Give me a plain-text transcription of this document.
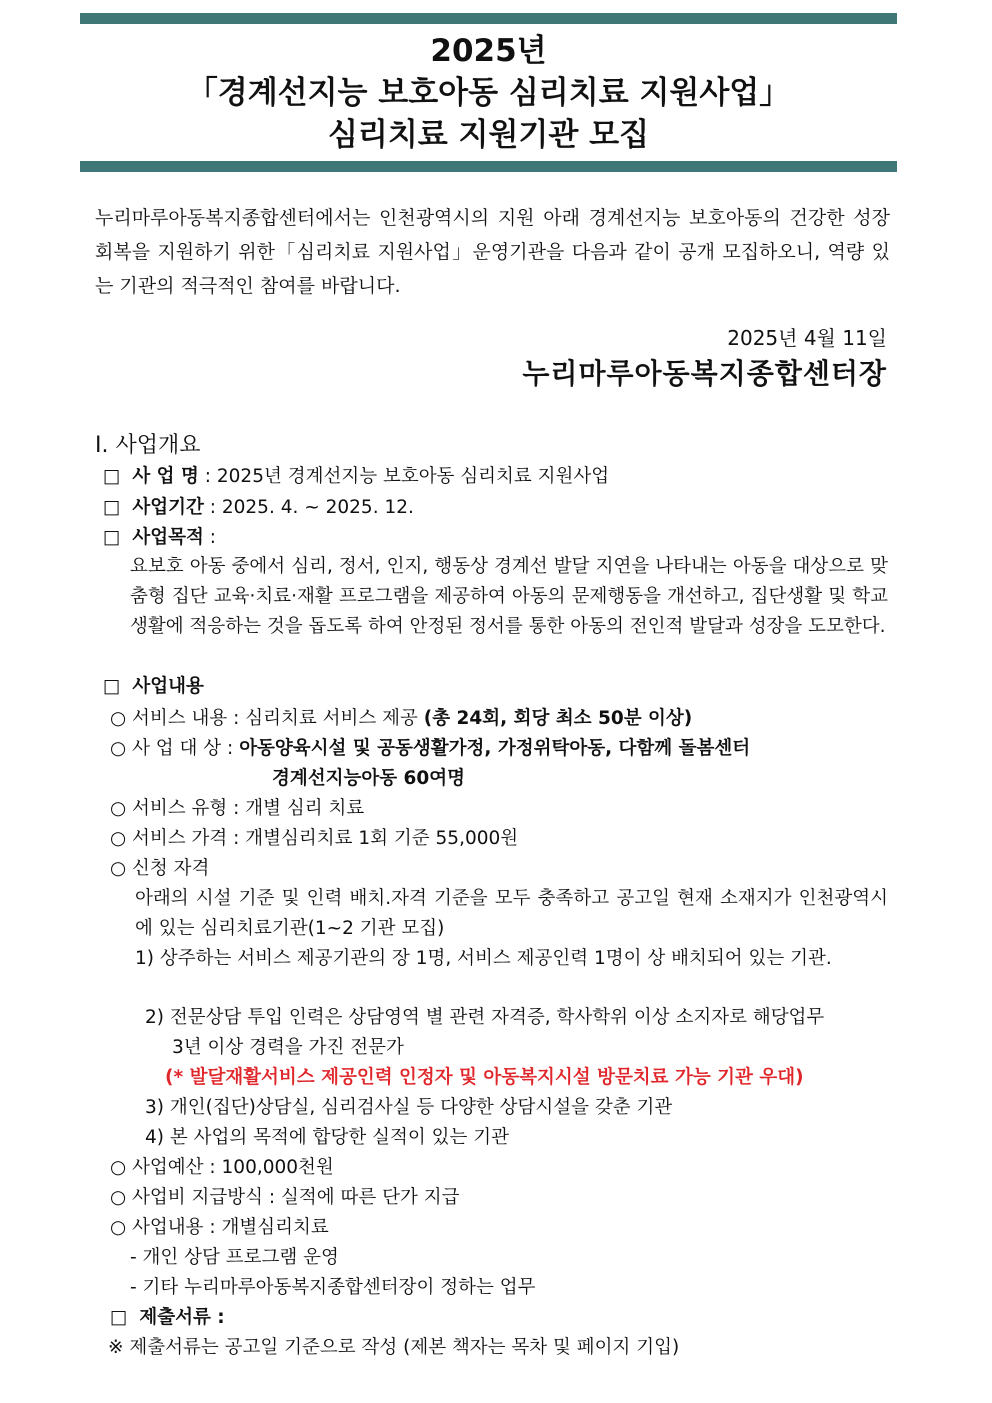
2025년
「경계선지능 보호아동 심리치료 지원사업」
심리치료 지원기관 모집
누리마루아동복지종합센터에서는 인천광역시의 지원 아래 경계선지능 보호아동의 건강한 성장 회복을 지원하기 위한「심리치료 지원사업」운영기관을 다음과 같이 공개 모집하오니, 역량 있는 기관의 적극적인 참여를 바랍니다.
2025년 4월 11일
누리마루아동복지종합센터장
Ⅰ. 사업개요
□ 사 업 명 : 2025년 경계선지능 보호아동 심리치료 지원사업
□ 사업기간 : 2025. 4. ~ 2025. 12.
□ 사업목적 :
요보호 아동 중에서 심리, 정서, 인지, 행동상 경계선 발달 지연을 나타내는 아동을 대상으로 맞춤형 집단 교육·치료·재활 프로그램을 제공하여 아동의 문제행동을 개선하고, 집단생활 및 학교 생활에 적응하는 것을 돕도록 하여 안정된 정서를 통한 아동의 전인적 발달과 성장을 도모한다.
□ 사업내용
○ 서비스 내용 : 심리치료 서비스 제공 (총 24회, 회당 최소 50분 이상)
○ 사 업 대 상 : 아동양육시설 및 공동생활가정, 가정위탁아동, 다함께 돌봄센터
경계선지능아동 60여명
○ 서비스 유형 : 개별 심리 치료
○ 서비스 가격 : 개별심리치료 1회 기준 55,000원
○ 신청 자격
아래의 시설 기준 및 인력 배치.자격 기준을 모두 충족하고 공고일 현재 소재지가 인천광역시에 있는 심리치료기관(1~2 기관 모집)
1) 상주하는 서비스 제공기관의 장 1명, 서비스 제공인력 1명이 상 배치되어 있는 기관.
2) 전문상담 투입 인력은 상담영역 별 관련 자격증, 학사학위 이상 소지자로 해당업무
3년 이상 경력을 가진 전문가
(* 발달재활서비스 제공인력 인정자 및 아동복지시설 방문치료 가능 기관 우대)
3) 개인(집단)상담실, 심리검사실 등 다양한 상담시설을 갖춘 기관
4) 본 사업의 목적에 합당한 실적이 있는 기관
○ 사업예산 : 100,000천원
○ 사업비 지급방식 : 실적에 따른 단가 지급
○ 사업내용 : 개별심리치료
- 개인 상담 프로그램 운영
- 기타 누리마루아동복지종합센터장이 정하는 업무
□ 제출서류 :
※ 제출서류는 공고일 기준으로 작성 (제본 책자는 목차 및 페이지 기입)
